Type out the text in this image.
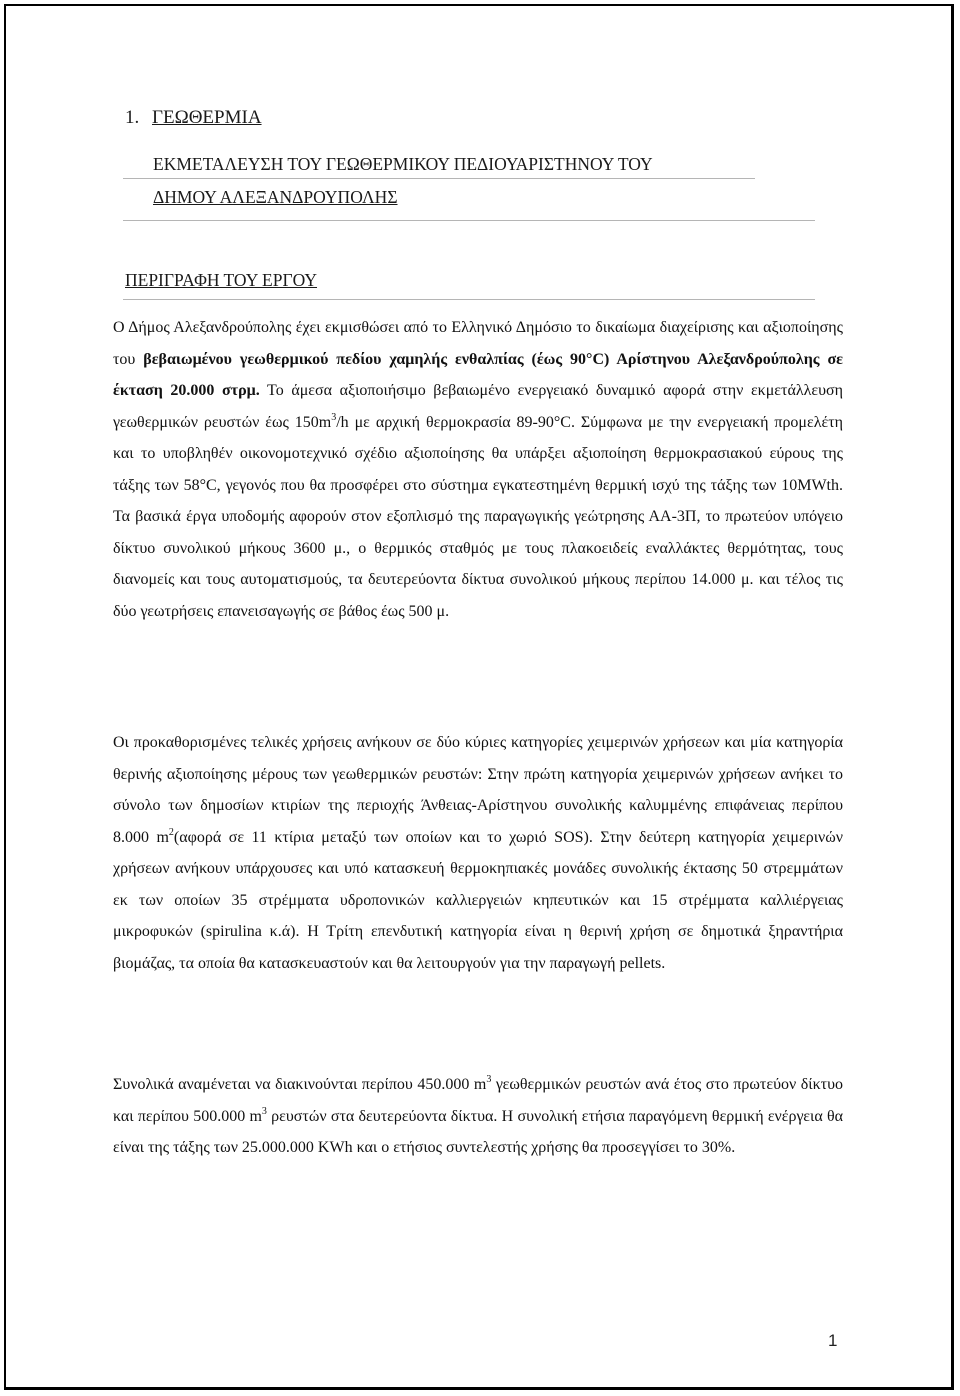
1. ΓΕΩΘΕΡΜΙΑ
ΕΚΜΕΤΑΛΕΥΣΗ ΤΟΥ ΓΕΩΘΕΡΜΙΚΟΥ ΠΕΔΙΟΥΑΡΙΣΤΗΝΟΥ ΤΟΥ
ΔΗΜΟΥ ΑΛΕΞΑΝΔΡΟΥΠΟΛΗΣ
ΠΕΡΙΓΡΑΦΗ ΤΟΥ ΕΡΓΟΥ
Ο Δήμος Αλεξανδρούπολης έχει εκμισθώσει από το Ελληνικό Δημόσιο το δικαίωμα διαχείρισης και αξιοποίησης του βεβαιωμένου γεωθερμικού πεδίου χαμηλής ενθαλπίας (έως 90°C) Αρίστηνου Αλεξανδρούπολης σε έκταση 20.000 στρμ. Το άμεσα αξιοποιήσιμο βεβαιωμένο ενεργειακό δυναμικό αφορά στην εκμετάλλευση γεωθερμικών ρευστών έως $150m^3/h$ με αρχική θερμοκρασία 89-90°C. Σύμφωνα με την ενεργειακή προμελέτη και το υποβληθέν οικονομοτεχνικό σχέδιο αξιοποίησης θα υπάρξει αξιοποίηση θερμοκρασιακού εύρους της τάξης των 58°C, γεγονός που θα προσφέρει στο σύστημα εγκατεστημένη θερμική ισχύ της τάξης των 10MWth. Τα βασικά έργα υποδομής αφορούν στον εξοπλισμό της παραγωγικής γεώτρησης ΑΑ-3Π, το πρωτεύον υπόγειο δίκτυο συνολικού μήκους 3600 μ., ο θερμικός σταθμός με τους πλακοειδείς εναλλάκτες θερμότητας, τους διανομείς και τους αυτοματισμούς, τα δευτερεύοντα δίκτυα συνολικού μήκους περίπου 14.000 μ. και τέλος τις δύο γεωτρήσεις επανεισαγωγής σε βάθος έως 500 μ.
Οι προκαθορισμένες τελικές χρήσεις ανήκουν σε δύο κύριες κατηγορίες χειμερινών χρήσεων και μία κατηγορία θερινής αξιοποίησης μέρους των γεωθερμικών ρευστών: Στην πρώτη κατηγορία χειμερινών χρήσεων ανήκει το σύνολο των δημοσίων κτιρίων της περιοχής Άνθειας-Αρίστηνου συνολικής καλυμμένης επιφάνειας περίπου 8.000 $m^2(\alpha\varphi o\rho ά$ σε 11 κτίρια μεταξύ των οποίων και το χωριό SOS). Στην δεύτερη κατηγορία χειμερινών χρήσεων ανήκουν υπάρχουσες και υπό κατασκευή θερμοκηπιακές μονάδες συνολικής έκτασης 50 στρεμμάτων εκ των οποίων 35 στρέμματα υδροπονικών καλλιεργειών κηπευτικών και 15 στρέμματα καλλιέργειας μικροφυκών (spirulina κ.ά). Η Τρίτη επενδυτική κατηγορία είναι η θερινή χρήση σε δημοτικά ξηραντήρια βιομάζας, τα οποία θα κατασκευαστούν και θα λειτουργούν για την παραγωγή pellets.
Συνολικά αναμένεται να διακινούνται περίπου 450.000 $m^3$ γεωθερμικών ρευστών ανά έτος στο πρωτεύον δίκτυο και περίπου 500.000 $m^3$ ρευστών στα δευτερεύοντα δίκτυα. Η συνολική ετήσια παραγόμενη θερμική ενέργεια θα είναι της τάξης των 25.000.000 KWh και ο ετήσιος συντελεστής χρήσης θα προσεγγίσει το 30%.
1
